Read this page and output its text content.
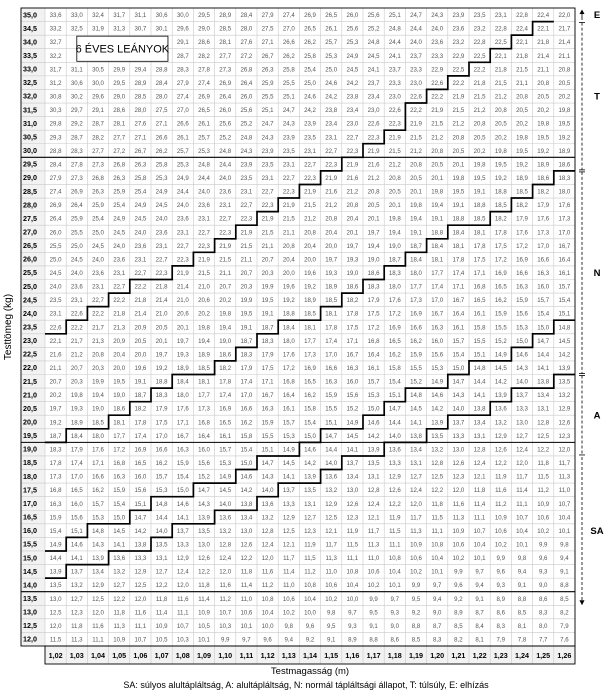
35,0
34,5
34,0
33,5
33,0
32,5
32,0
31,5
31,0
30,5
30,0
29,5
29,0
28,5
28,0
27,5
27,0
26,5
26,0
25,5
25,0
24,5
24,0
23,5
23,0
22,5
22,0
21,5
21,0
20,5
20,0
19,5
19,0
18,5
18,0
17,5
17,0
16,5
16,0
15,5
15,0
14,5
14,0
13,5
13,0
12,5
12,0
1,02 1,03 1,04 1,05 1,06 1,07 1,08 1,09 1,10 1,11 1,12 1,13 1,14 1,15 1,16 1,17 1,18 1,19 1,20 1,21 1,22 1,23 1,24 1,25 1,26
33,6 33,0 32,4 31,7 31,1 30,6 30,0 29,5 28,9 28,4 27,9 27,4 26,9 26,5 26,0 25,6 25,1 24,7 24,3 23,9 23,5 23,1 22,8 22,4 22,0
33,2 32,5 31,9 31,3 30,7 30,1 29,6 29,0 28,5 28,0 27,5 27,0 26,5 26,1 25,6 25,2 24,8 24,4 24,0 23,6 23,2 22,8 22,4 22,1 21,7
32,7	29,1 28,6 28,1 27,6 27,1 26,6 26,2 25,7 25,3 24,8 24,4 24,0 23,6 23,2 22,8 22,5 22,1 21,8 21,4
32,2	28,7 28,2 27,7 27,2 26,7 26,2 25,8 25,3 24,9 24,5 24,1 23,7 23,3 22,9 22,5 22,1 21,8 21,4 21,1
31,7 31,1 30,5 29,9 29,4 28,8 28,3 27,8 27,3 26,8 26,3 25,8 25,4 25,0 24,5 24,1 23,7 23,3 22,9 22,5 22,2 21,8 21,5 21,1 20,8
31,2 30,6 30,0 29,5 28,9 28,4 27,9 27,4 26,9 26,4 25,9 25,5 25,0 24,6 24,2 23,7 23,3 23,0 22,6 22,2 21,8 21,5 21,1 20,8 20,5
30,8 30,2 29,6 29,0 28,5 28,0 27,4 26,9 26,4 26,0 25,5 25,1 24,6 24,2 23,8 23,4 23,0 22,6 22,2 21,9 21,5 21,2 20,8 20,5 20,2
30,3 29,7 29,1 28,6 28,0 27,5 27,0 26,5 26,0 25,6 25,1 24,7 24,2 23,8 23,4 23,0 22,6 22,2 21,9 21,5 21,2 20,8 20,5 20,2 19,8
29,8 29,2 28,7 28,1 27,6 27,1 26,6 26,1 25,6 25,2 24,7 24,3 23,9 23,4 23,0 22,6 22,3 21,9 21,5 21,2 20,8 20,5 20,2 19,8 19,5
29,3 28,7 28,2 27,7 27,1 26,6 26,1 25,7 25,2 24,8 24,3 23,9 23,5 23,1 22,7 22,3 21,9 21,5 21,2 20,8 20,5 20,2 19,8 19,5 19,2
28,8 28,3 27,7 27,2 26,7 26,2 25,7 25,3 24,8 24,3 23,9 23,5 23,1 22,7 22,3 21,9 21,5 21,2 20,8 20,5 20,2 19,8 19,5 19,2 18,9
28,4 27,8 27,3 26,8 26,3 25,8 25,3 24,8 24,4 23,9 23,5 23,1 22,7 22,3 21,9 21,6 21,2 20,8 20,5 20,1 19,8 19,5 19,2 18,9 18,6
27,9 27,3 26,8 26,3 25,8 25,3 24,9 24,4 24,0 23,5 23,1 22,7 22,3 21,9 21,6 21,2 20,8 20,5 20,1 19,8 19,5 19,2 18,9 18,6 18,3
27,4 26,9 26,3 25,9 25,4 24,9 24,4 24,0 23,6 23,1 22,7 22,3 21,9 21,6 21,2 20,8 20,5 20,1 19,8 19,5 19,1 18,8 18,5 18,2 18,0
26,9 26,4 25,9 25,4 24,9 24,5 24,0 23,6 23,1 22,7 22,3 21,9 21,5 21,2 20,8 20,5 20,1 19,8 19,4 19,1 18,8 18,5 18,2 17,9 17,6
26,4 25,9 25,4 24,9 24,5 24,0 23,6 23,1 22,7 22,3 21,9 21,5 21,2 20,8 20,4 20,1 19,8 19,4 19,1 18,8 18,5 18,2 17,9 17,6 17,3
26,0 25,5 25,0 24,5 24,0 23,6 23,1 22,7 22,3 21,9 21,5 21,1 20,8 20,4 20,1 19,7 19,4 19,1 18,8 18,4 18,1 17,8 17,6 17,3 17,0
25,5 25,0 24,5 24,0 23,6 23,1 22,7 22,3 21,9 21,5 21,1 20,8 20,4 20,0 19,7 19,4 19,0 18,7 18,4 18,1 17,8 17,5 17,2 17,0 16,7
25,0 24,5 24,0 23,6 23,1 22,7 22,3 21,9 21,5 21,1 20,7 20,4 20,0 19,7 19,3 19,0 18,7 18,4 18,1 17,8 17,5 17,2 16,9 16,6 16,4
24,5 24,0 23,6 23,1 22,7 22,3 21,9 21,5 21,1 20,7 20,3 20,0 19,6 19,3 19,0 18,6 18,3 18,0 17,7 17,4 17,1 16,9 16,6 16,3 16,1
24,0 23,6 23,1 22,7 22,2 21,8 21,4 21,0 20,7 20,3 19,9 19,6 19,2 18,9 18,6 18,3 18,0 17,7 17,4 17,1 16,8 16,5 16,3 16,0 15,7
23,5 23,1 22,7 22,2 21,8 21,4 21,0 20,6 20,2 19,9 19,5 19,2 18,9 18,5 18,2 17,9 17,6 17,3 17,0 16,7 16,5 16,2 15,9 15,7 15,4
23,1 22,6 22,2 21,8 21,4 21,0 20,6 20,2 19,8 19,5 19,1 18,8 18,5 18,1 17,8 17,5 17,2 16,9 16,7 16,4 16,1 15,9 15,6 15,4 15,1
22,6 22,2 21,7 21,3 20,9 20,5 20,1 19,8 19,4 19,1 18,7 18,4 18,1 17,8 17,5 17,2 16,9 16,6 16,3 16,1 15,8 15,5 15,3 15,0 14,8
22,1 21,7 21,3 20,9 20,5 20,1 19,7 19,4 19,0 18,7 18,3 18,0 17,7 17,4 17,1 16,8 16,5 16,2 16,0 15,7 15,5 15,2 15,0 14,7 14,5
21,6 21,2 20,8 20,4 20,0 19,7 19,3 18,9 18,6 18,3 17,9 17,6 17,3 17,0 16,7 16,4 16,2 15,9 15,6 15,4 15,1 14,9 14,6 14,4 14,2
21,1 20,7 20,3 20,0 19,6 19,2 18,9 18,5 18,2 17,9 17,5 17,2 16,9 16,6 16,3 16,1 15,8 15,5 15,3 15,0 14,8 14,5 14,3 14,1 13,9
20,7 20,3 19,9 19,5 19,1 18,8 18,4 18,1 17,8 17,4 17,1 16,8 16,5 16,3 16,0 15,7 15,4 15,2 14,9 14,7 14,4 14,2 14,0 13,8 13,5
20,2 19,8 19,4 19,0 18,7 18,3 18,0 17,7 17,4 17,0 16,7 16,4 16,2 15,9 15,6 15,3 15,1 14,8 14,6 14,3 14,1 13,9 13,7 13,4 13,2
19,7 19,3 19,0 18,6 18,2 17,9 17,6 17,3 16,9 16,6 16,3 16,1 15,8 15,5 15,2 15,0 14,7 14,5 14,2 14,0 13,8 13,6 13,3 13,1 12,9
19,2 18,9 18,5 18,1 17,8 17,5 17,1 16,8 16,5 16,2 15,9 15,7 15,4 15,1 14,9 14,6 14,4 14,1 13,9 13,7 13,4 13,2 13,0 12,8 12,6
18,7 18,4 18,0 17,7 17,4 17,0 16,7 16,4 16,1 15,8 15,5 15,3 15,0 14,7 14,5 14,2 14,0 13,8 13,5 13,3 13,1 12,9 12,7 12,5 12,3
18,3 17,9 17,6 17,2 16,9 16,6 16,3 16,0 15,7 15,4 15,1 14,9 14,6 14,4 14,1 13,9 13,6 13,4 13,2 13,0 12,8 12,6 12,4 12,2 12,0
17,8 17,4 17,1 16,8 16,5 16,2 15,9 15,6 15,3 15,0 14,7 14,5 14,2 14,0 13,7 13,5 13,3 13,1 12,8 12,6 12,4 12,2 12,0 11,8 11,7
17,3 17,0 16,6 16,3 16,0 15,7 15,4 15,2 14,9 14,6 14,3 14,1 13,9 13,6 13,4 13,1 12,9 12,7 12,5 12,3 12,1 11,9 11,7 11,5 11,3
16,8 16,5 16,2 15,9 15,6 15,3 15,0 14,7 14,5 14,2 14,0 13,7 13,5 13,2 13,0 12,8 12,6 12,4 12,2 12,0 11,8 11,6 11,4 11,2 11,0
16,3 16,0 15,7 15,4 15,1 14,8 14,6 14,3 14,0 13,8 13,6 13,3 13,1 12,9 12,6 12,4 12,2 12,0 11,8 11,6 11,4 11,2 11,1 10,9 10,7
15,9 15,6 15,3 15,0 14,7 14,4 14,1 13,9 13,6 13,4 13,2 12,9 12,7 12,5 12,3 12,1 11,9 11,7 11,5 11,3 11,1 10,9 10,7 10,6 10,4
15,4 15,1 14,8 14,5 14,2 14,0 13,7 13,5 13,2 13,0 12,8 12,5 12,3 12,1 11,9 11,7 11,5 11,3 11,1 10,9 10,7 10,6 10,4 10,2 10,1
14,9 14,6 14,3 14,1 13,8 13,5 13,3 13,0 12,8 12,6 12,4 12,1 11,9 11,7 11,5 11,3 11,1 10,9 10,8 10,6 10,4 10,2 10,1 9,9 9,8
14,4 14,1 13,9 13,6 13,3 13,1 12,9 12,6 12,4 12,2 12,0 11,7 11,5 11,3 11,1 11,0 10,8 10,6 10,4 10,2 10,1 9,9 9,8 9,6 9,4
13,9 13,7 13,4 13,2 12,9 12,7 12,4 12,2 12,0 11,8 11,6 11,4 11,2 11,0 10,8 10,6 10,4 10,2 10,1 9,9 9,7 9,6 9,4 9,3 9,1
13,5 13,2 12,9 12,7 12,5 12,2 12,0 11,8 11,6 11,4 11,2 11,0 10,8 10,6 10,4 10,2 10,1 9,9 9,7 9,6 9,4 9,3 9,1 9,0 8,8
13,0 12,7 12,5 12,2 12,0 11,8 11,6 11,4 11,2 11,0 10,8 10,6 10,4 10,2 10,0 9,9 9,7 9,5 9,4 9,2 9,1 8,9 8,8 8,6 8,5
12,5 12,3 12,0 11,8 11,6 11,4 11,1 10,9 10,7 10,6 10,4 10,2 10,0 9,8 9,7 9,5 9,3 9,2 9,0 8,9 8,7 8,6 8,5 8,3 8,2
12,0 11,8 11,6 11,3 11,1 10,9 10,7 10,5 10,3 10,1 10,0 9,8 9,6 9,5 9,3 9,1 9,0 8,8 8,7 8,5 8,4 8,3 8,1 8,0 7,9
11,5 11,3 11,1 10,9 10,7 10,5 10,3 10,1 9,9 9,7 9,6 9,4 9,2 9,1 8,9 8,8 8,6 8,5 8,3 8,2 8,1 7,9 7,8 7,7 7,6
6 ÉVES LEÁNYOK
Testtömeg (kg)
Testmagasság (m)
E
T
N
A
SA
SA: súlyos alultápláltság, A: alultápláltság, N: normál tápláltsági állapot, T: túlsúly, E: elhízás
